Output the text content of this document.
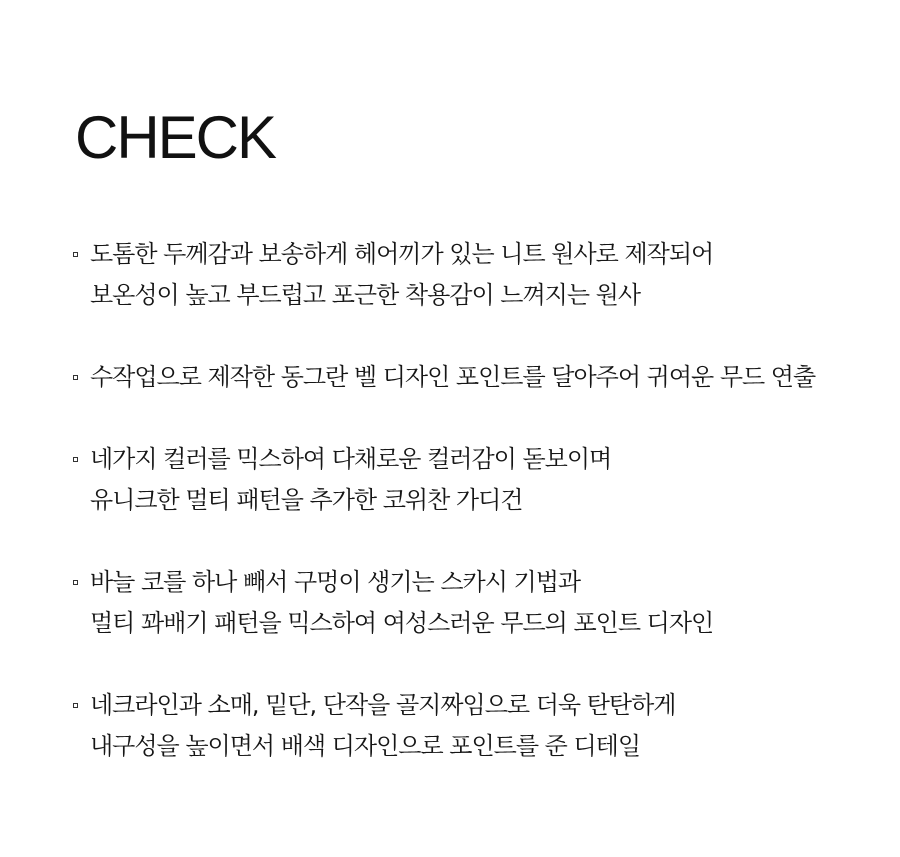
CHECK
도톰한 두께감과 보송하게 헤어끼가 있는 니트 원사로 제작되어
보온성이 높고 부드럽고 포근한 착용감이 느껴지는 원사
수작업으로 제작한 동그란 벨 디자인 포인트를 달아주어 귀여운 무드 연출
네가지 컬러를 믹스하여 다채로운 컬러감이 돋보이며
유니크한 멀티 패턴을 추가한 코위찬 가디건
바늘 코를 하나 빼서 구멍이 생기는 스카시 기법과
멀티 꽈배기 패턴을 믹스하여 여성스러운 무드의 포인트 디자인
네크라인과 소매, 밑단, 단작을 골지짜임으로 더욱 탄탄하게
내구성을 높이면서 배색 디자인으로 포인트를 준 디테일
